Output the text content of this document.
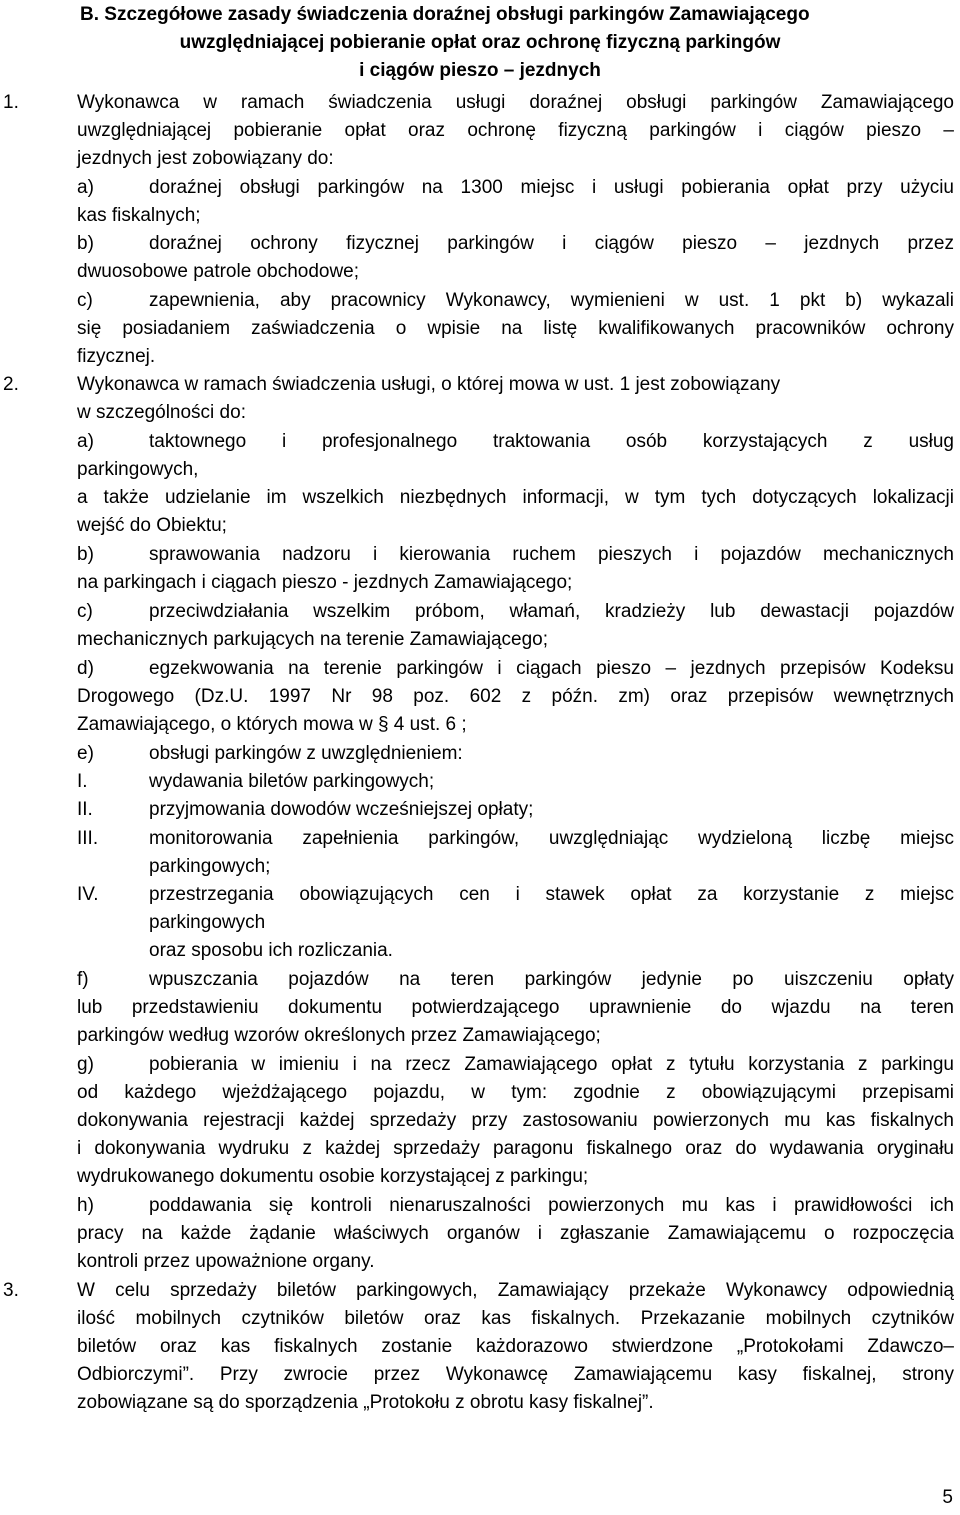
B. Szczegółowe zasady świadczenia doraźnej obsługi parkingów Zamawiającego
uwzględniającej pobieranie opłat oraz ochronę fizyczną parkingów
i ciągów pieszo – jezdnych
1.	Wykonawca w ramach świadczenia usługi doraźnej obsługi parkingów Zamawiającego
uwzględniającej pobieranie opłat oraz ochronę fizyczną parkingów i ciągów pieszo –
jezdnych jest zobowiązany do:
a)	doraźnej obsługi parkingów na 1300 miejsc i usługi pobierania opłat przy użyciu
kas fiskalnych;
b)	doraźnej ochrony fizycznej parkingów i ciągów pieszo – jezdnych przez
dwuosobowe patrole obchodowe;
c)	zapewnienia, aby pracownicy Wykonawcy, wymienieni w ust. 1 pkt b) wykazali
się posiadaniem zaświadczenia o wpisie na listę kwalifikowanych pracowników ochrony
fizycznej.
2.	Wykonawca w ramach świadczenia usługi, o której mowa w ust. 1 jest zobowiązany
w szczególności do:
a)	taktownego i profesjonalnego traktowania osób korzystających z usług
parkingowych,
a także udzielanie im wszelkich niezbędnych informacji, w tym tych dotyczących lokalizacji
wejść do Obiektu;
b)	sprawowania nadzoru i kierowania ruchem pieszych i pojazdów mechanicznych
na parkingach i ciągach pieszo - jezdnych Zamawiającego;
c)	przeciwdziałania wszelkim próbom, włamań, kradzieży lub dewastacji pojazdów
mechanicznych parkujących na terenie Zamawiającego;
d)	egzekwowania na terenie parkingów i ciągach pieszo – jezdnych przepisów Kodeksu
Drogowego (Dz.U. 1997 Nr 98 poz. 602 z późn. zm) oraz przepisów wewnętrznych
Zamawiającego, o których mowa w § 4 ust. 6 ;
e)	obsługi parkingów z uwzględnieniem:
I.	wydawania biletów parkingowych;
II.	przyjmowania dowodów wcześniejszej opłaty;
III.	monitorowania zapełnienia parkingów, uwzględniając wydzieloną liczbę miejsc
parkingowych;
IV.	przestrzegania obowiązujących cen i stawek opłat za korzystanie z miejsc
parkingowych
oraz sposobu ich rozliczania.
f)	wpuszczania pojazdów na teren parkingów jedynie po uiszczeniu opłaty
lub przedstawieniu dokumentu potwierdzającego uprawnienie do wjazdu na teren
parkingów według wzorów określonych przez Zamawiającego;
g)	pobierania w imieniu i na rzecz Zamawiającego opłat z tytułu korzystania z parkingu
od każdego wjeżdżającego pojazdu, w tym: zgodnie z obowiązującymi przepisami
dokonywania rejestracji każdej sprzedaży przy zastosowaniu powierzonych mu kas fiskalnych
i dokonywania wydruku z każdej sprzedaży paragonu fiskalnego oraz do wydawania oryginału
wydrukowanego dokumentu osobie korzystającej z parkingu;
h)	poddawania się kontroli nienaruszalności powierzonych mu kas i prawidłowości ich
pracy na każde żądanie właściwych organów i zgłaszanie Zamawiającemu o rozpoczęcia
kontroli przez upoważnione organy.
3.	W celu sprzedaży biletów parkingowych, Zamawiający przekaże Wykonawcy odpowiednią
ilość mobilnych czytników biletów oraz kas fiskalnych. Przekazanie mobilnych czytników
biletów oraz kas fiskalnych zostanie każdorazowo stwierdzone „Protokołami Zdawczo–
Odbiorczymi”. Przy zwrocie przez Wykonawcę Zamawiającemu kasy fiskalnej, strony
zobowiązane są do sporządzenia „Protokołu z obrotu kasy fiskalnej”.
5
